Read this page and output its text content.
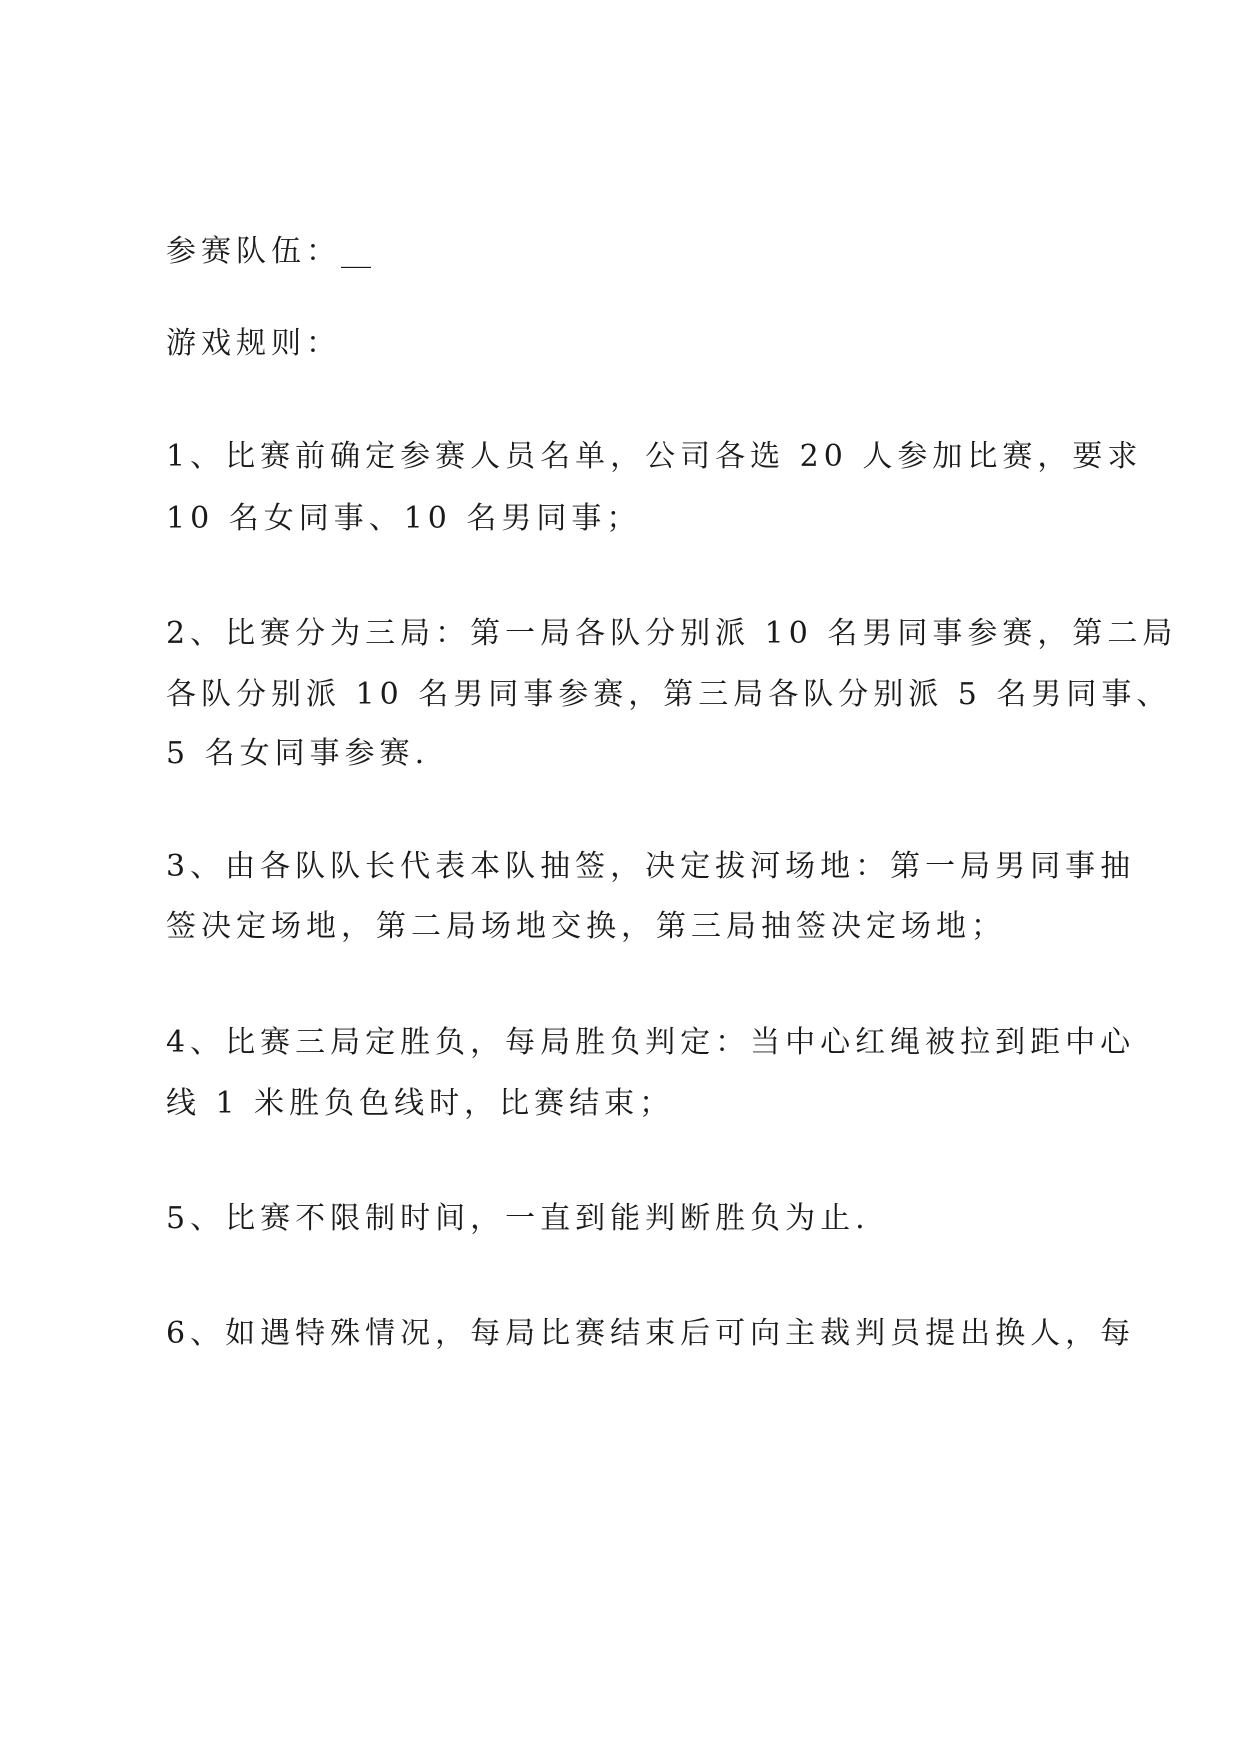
参赛队伍：__

游戏规则：

1、比赛前确定参赛人员名单，公司各选 20 人参加比赛，要求

10 名女同事、10 名男同事；

2、比赛分为三局：第一局各队分别派 10 名男同事参赛，第二局

各队分别派 10 名男同事参赛，第三局各队分别派 5 名男同事、

5 名女同事参赛.

3、由各队队长代表本队抽签，决定拔河场地：第一局男同事抽

签决定场地，第二局场地交换，第三局抽签决定场地；

4、比赛三局定胜负，每局胜负判定：当中心红绳被拉到距中心

线 1 米胜负色线时，比赛结束；

5、比赛不限制时间，一直到能判断胜负为止.

6、如遇特殊情况，每局比赛结束后可向主裁判员提出换人，每
